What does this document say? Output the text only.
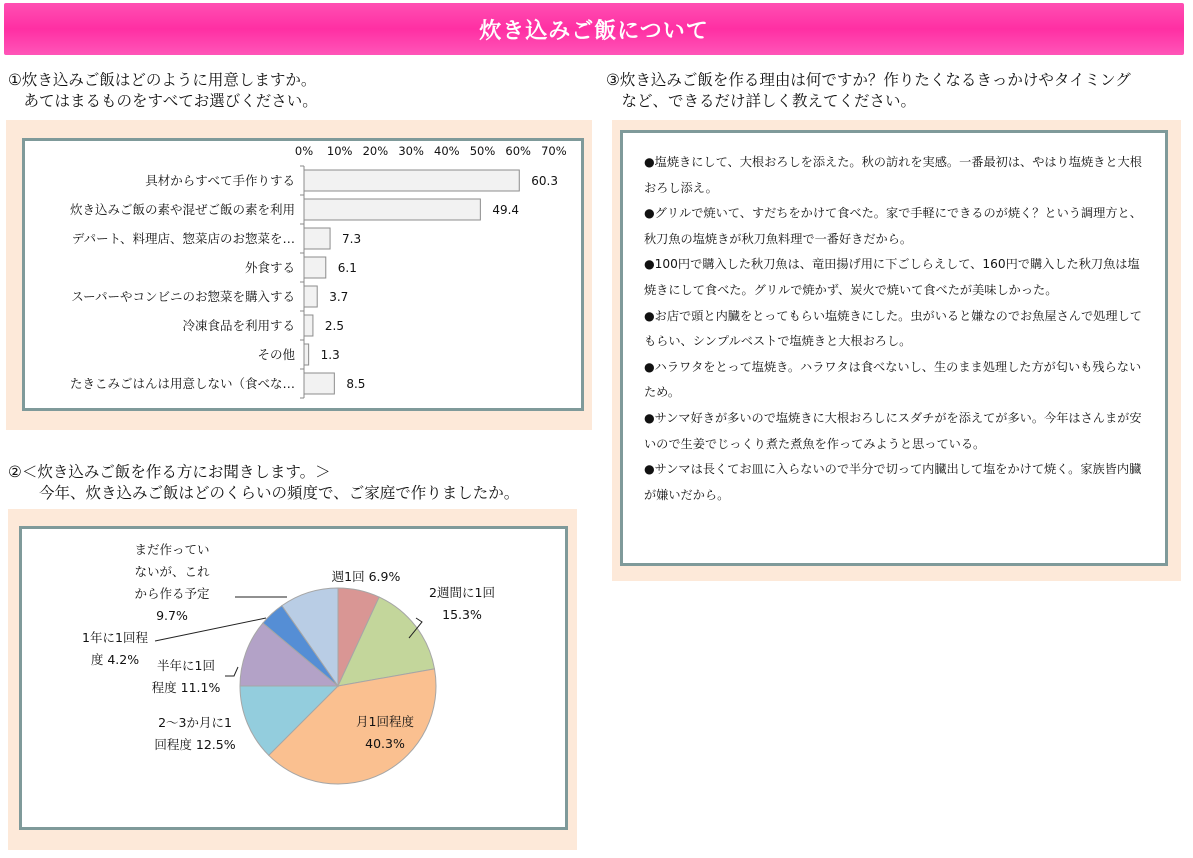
炊き込みご飯について
①炊き込みご飯はどのように用意しますか。
　あてはまるものをすべてお選びください。
0% 10% 20% 30% 40% 50% 60% 70%
具材からすべて手作りする	60.3
炊き込みご飯の素や混ぜご飯の素を利用	49.4
デパート、料理店、惣菜店のお惣菜を…	7.3
外食する	6.1
スーパーやコンビニのお惣菜を購入する	3.7
冷凍食品を利用する 2.5
その他 1.3
たきこみごはんは用意しない（食べな…	8.5
②＜炊き込みご飯を作る方にお聞きします。＞
　　今年、炊き込みご飯はどのくらいの頻度で、ご家庭で作りましたか。
週1回 6.9%
2週間に1回
15.3%
月1回程度
40.3%
2～3か月に1
回程度 12.5%
半年に1回
程度 11.1%
1年に1回程
度 4.2%
まだ作ってい
ないが、これ
から作る予定
9.7%
③炊き込みご飯を作る理由は何ですか？作りたくなるきっかけやタイミング
　など、できるだけ詳しく教えてください。

●塩焼きにして、大根おろしを添えた。秋の訪れを実感。一番最初は、やはり塩焼きと大根おろし添え。

●グリルで焼いて、すだちをかけて食べた。家で手軽にできるのが焼く？という調理方と、秋刀魚の塩焼きが秋刀魚料理で一番好きだから。

●100円で購入した秋刀魚は、竜田揚げ用に下ごしらえして、160円で購入した秋刀魚は塩焼きにして食べた。グリルで焼かず、炭火で焼いて食べたが美味しかった。

●お店で頭と内臓をとってもらい塩焼きにした。虫がいると嫌なのでお魚屋さんで処理してもらい、シンプルベストで塩焼きと大根おろし。

●ハラワタをとって塩焼き。ハラワタは食べないし、生のまま処理した方が匂いも残らないため。

●サンマ好きが多いので塩焼きに大根おろしにスダチがを添えてが多い。今年はさんまが安いので生姜でじっくり煮た煮魚を作ってみようと思っている。

●サンマは長くてお皿に入らないので半分で切って内臓出して塩をかけて焼く。家族皆内臓が嫌いだから。
